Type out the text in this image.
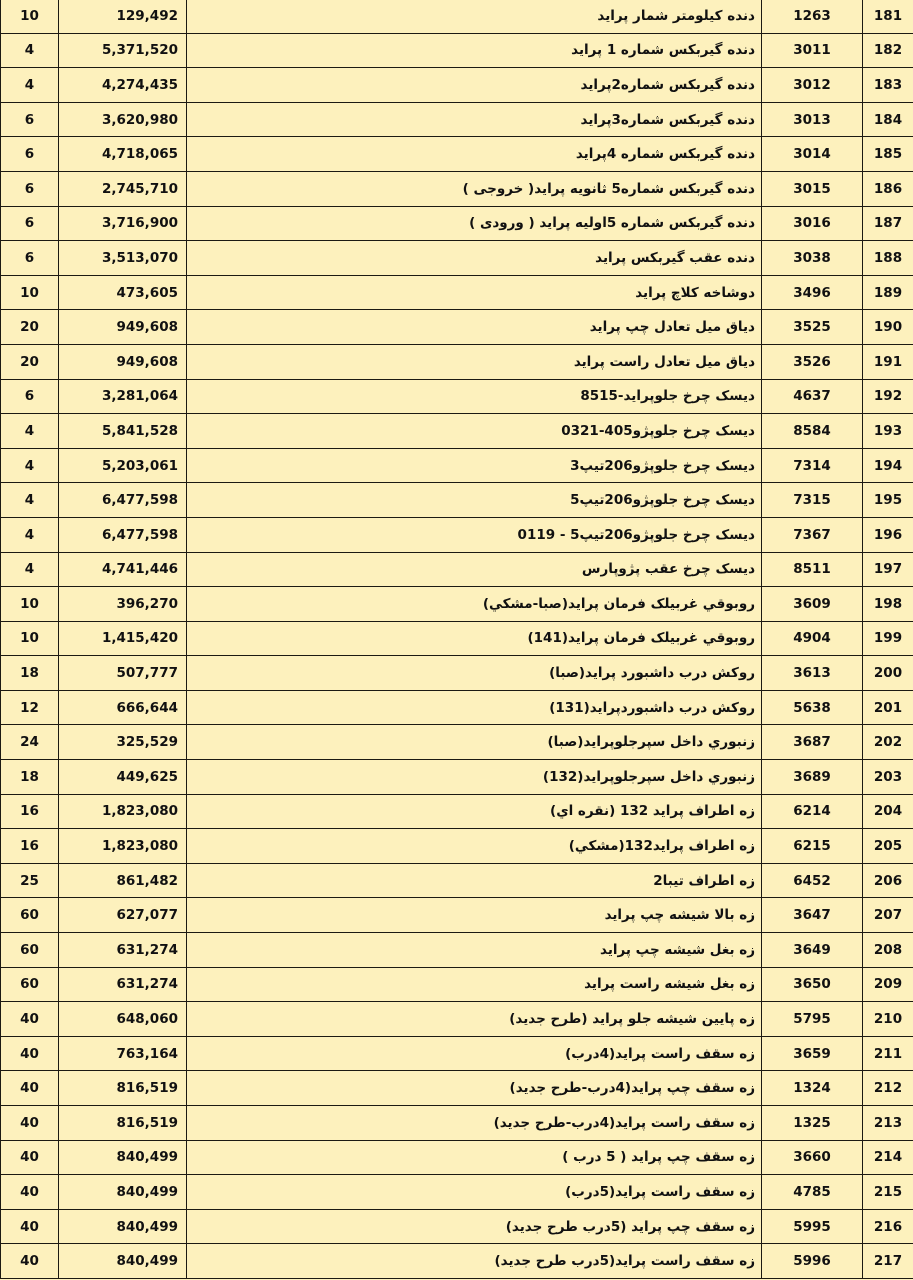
10	129,492	دنده کیلومتر شمار پراید	1263	181
4	5,371,520	دنده گیربکس شماره 1 پراید	3011	182
4	4,274,435	دنده گیربکس شماره2پراید	3012	183
6	3,620,980	دنده گیربکس شماره3پراید	3013	184
6	4,718,065	دنده گیربکس شماره 4پراید	3014	185
6	2,745,710	دنده گیربکس شماره5 ثانویه پراید( خروجی )	3015	186
6	3,716,900	دنده گیربکس شماره 5اولیه پراید ( ورودی )	3016	187
6	3,513,070	دنده عقب گیربکس پراید	3038	188
10	473,605	دوشاخه کلاچ پراید	3496	189
20	949,608	دیاق میل تعادل چپ پراید	3525	190
20	949,608	دیاق میل تعادل راست پراید	3526	191
6	3,281,064	دیسک چرخ جلوپراید-8515	4637	192
4	5,841,528	دیسک چرخ جلوپژو405-0321	8584	193
4	5,203,061	دیسک چرخ جلوپژو206تیپ3	7314	194
4	6,477,598	دیسک چرخ جلوپژو206تیپ5	7315	195
4	6,477,598	دیسک چرخ جلوپژو206تیپ5 - 0119	7367	196
4	4,741,446	دیسک چرخ عقب پژوپارس	8511	197
10	396,270	روبوقي غربیلک فرمان پراید(صبا-مشکي)	3609	198
10	1,415,420	روبوقي غربیلک فرمان پراید(141)	4904	199
18	507,777	روکش درب داشبورد پراید(صبا)	3613	200
12	666,644	روکش درب داشبوردپراید(131)	5638	201
24	325,529	زنبوري داخل سپرجلوپراید(صبا)	3687	202
18	449,625	زنبوري داخل سپرجلوپراید(132)	3689	203
16	1,823,080	زه اطراف پراید 132 (نقره اي)	6214	204
16	1,823,080	زه اطراف پراید132(مشکي)	6215	205
25	861,482	زه اطراف تیبا2	6452	206
60	627,077	زه بالا شیشه چپ پراید	3647	207
60	631,274	زه بغل شیشه چپ پراید	3649	208
60	631,274	زه بغل شیشه راست پراید	3650	209
40	648,060	زه پایین شیشه جلو پراید (طرح جدید)	5795	210
40	763,164	زه سقف راست پراید(4درب)	3659	211
40	816,519	زه سقف چپ پراید(4درب-طرح جدید)	1324	212
40	816,519	زه سقف راست پراید(4درب-طرح جدید)	1325	213
40	840,499	زه سقف چپ پراید ( 5 درب )	3660	214
40	840,499	زه سقف راست پراید(5درب)	4785	215
40	840,499	زه سقف چپ پراید (5درب طرح جدید)	5995	216
40	840,499	زه سقف راست پراید(5درب طرح جدید)	5996	217
